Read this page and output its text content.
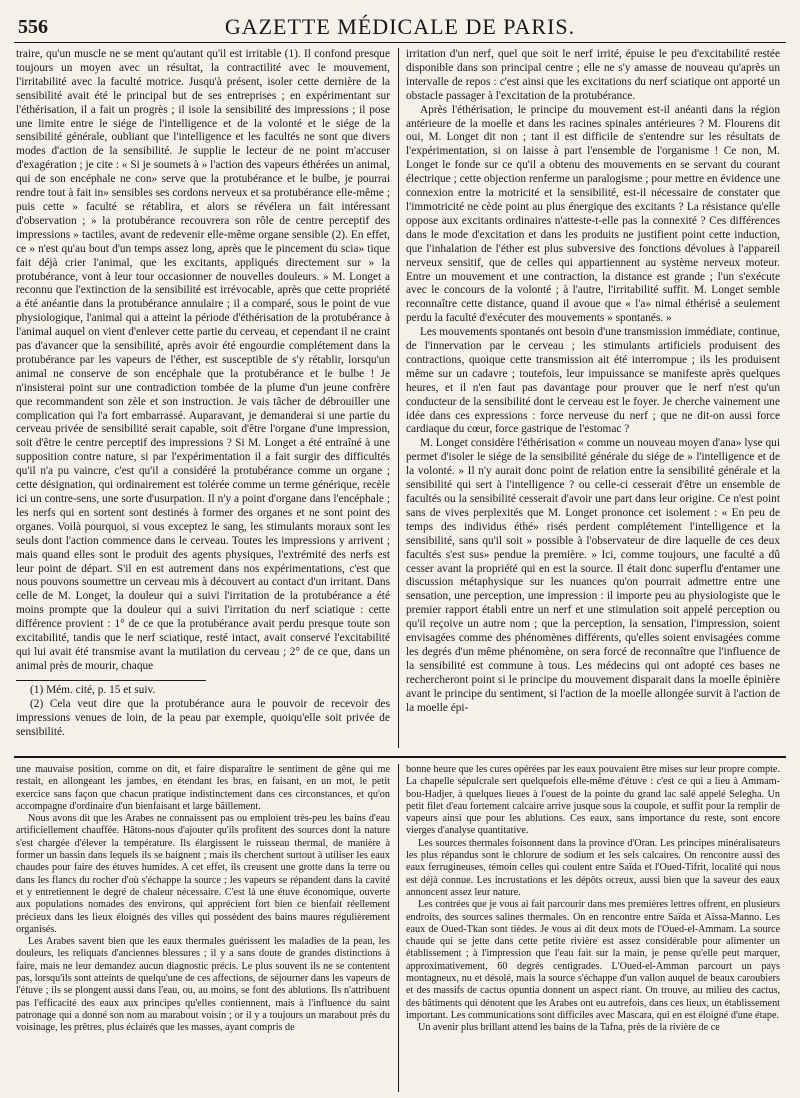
556	GAZETTE MÉDICALE DE PARIS.

traire, qu'un muscle ne se ment qu'autant qu'il est irritable (1). Il confond presque toujours un moyen avec un résultat, la contractilité avec le mouvement, l'irritabilité avec la faculté motrice. Jusqu'à présent, isoler cette dernière de la sensibilité avait été le principal but de ses entreprises ; en expérimentant sur l'éthérisation, il a fait un progrès ; il isole la sensibilité des impressions ; il pose une limite entre le siége de l'intelligence et de la volonté et le siége de la sensibilité générale, oubliant que l'intelligence et les facultés ne sont que divers modes d'action de la sensibilité. Je supplie le lecteur de ne point m'accuser d'exagération ; je cite : « Si je soumets à » l'action des vapeurs éthérées un animal, qui de son encéphale ne con» serve que la protubérance et le bulbe, je pourrai rendre tout à fait in» sensibles ses cordons nerveux et sa protubérance elle-même ; puis cette » faculté se rétablira, et alors se révélera un fait intéressant d'observation ; » la protubérance recouvrera son rôle de centre perceptif des impressions » tactiles, avant de redevenir elle-même organe sensible (2). En effet, ce » n'est qu'au bout d'un temps assez long, après que le pincement du scia» tique fait déjà crier l'animal, que les excitants, appliqués directement sur » la protubérance, vont à leur tour occasionner de nouvelles douleurs. » M. Longet a reconnu que l'extinction de la sensibilité est irrévocable, après que cette propriété a été anéantie dans la protubérance annulaire ; il a comparé, sous le point de vue physiologique, l'animal qui a atteint la période d'éthérisation de la protubérance à l'animal auquel on vient d'enlever cette partie du cerveau, et cependant il ne craint pas d'avancer que la sensibilité, après avoir été engourdie complétement dans la protubérance par les vapeurs de l'éther, est susceptible de s'y rétablir, lorsqu'un animal ne conserve de son encéphale que la protubérance et le bulbe ! Je n'insisterai point sur une contradiction tombée de la plume d'un jeune confrère que recommandent son zèle et son instruction. Je vais tâcher de débrouiller une complication qui l'a fort embarrassé. Auparavant, je demanderai si une partie du cerveau privée de sensibilité serait capable, soit d'être l'organe d'une impression, soit d'être le centre perceptif des impressions ? Si M. Longet a été entraîné à une supposition contre nature, si par l'expérimentation il a fait surgir des difficultés qu'il n'a pu vaincre, c'est qu'il a considéré la protubérance comme un organe ; cette désignation, qui ordinairement est tolérée comme un terme générique, recèle ici un contre-sens, une sorte d'usurpation. Il n'y a point d'organe dans l'encéphale ; les nerfs qui en sortent sont destinés à former des organes et ne sont point des organes. Voilà pourquoi, si vous exceptez le sang, les stimulants moraux sont les seuls dont l'action commence dans le cerveau. Toutes les impressions y arrivent ; mais quand elles sont le produit des agents physiques, l'extrémité des nerfs est leur point de départ. S'il en est autrement dans nos expérimentations, c'est que nous pouvons soumettre un cerveau mis à découvert au contact d'un irritant. Dans celle de M. Longet, la douleur qui a suivi l'irritation de la protubérance a été moins prompte que la douleur qui a suivi l'irritation du nerf sciatique : cette différence provient : 1° de ce que la protubérance avait perdu presque toute son excitabilité, tandis que le nerf sciatique, resté intact, avait conservé l'excitabilité qui lui avait été transmise avant la mutilation du cerveau ; 2° de ce que, dans un animal près de mourir, chaque

(1) Mém. cité, p. 15 et suiv.

(2) Cela veut dire que la protubérance aura le pouvoir de recevoir des impressions venues de loin, de la peau par exemple, quoiqu'elle soit privée de sensibilité.

irritation d'un nerf, quel que soit le nerf irrité, épuise le peu d'excitabilité restée disponible dans son principal centre ; elle ne s'y amasse de nouveau qu'après un intervalle de repos : c'est ainsi que les excitations du nerf sciatique ont apporté un obstacle passager à l'excitation de la protubérance.

Après l'éthérisation, le principe du mouvement est-il anéanti dans la région antérieure de la moelle et dans les racines spinales antérieures ? M. Flourens dit oui, M. Longet dit non ; tant il est difficile de s'entendre sur les résultats de l'expérimentation, si on laisse à part l'ensemble de l'organisme ! Ce non, M. Longet le fonde sur ce qu'il a obtenu des mouvements en se servant du courant électrique ; cette objection renferme un paralogisme ; pour mettre en évidence une connexion entre la motricité et la sensibilité, est-il nécessaire de constater que l'immotricité ne cède point au plus énergique des excitants ? La résistance qu'elle oppose aux excitants ordinaires n'atteste-t-elle pas la connexité ? Ces différences dans le mode d'excitation et dans les produits ne justifient point cette induction, que l'inhalation de l'éther est plus subversive des fonctions dévolues à l'appareil nerveux sensitif, que de celles qui appartiennent au système nerveux moteur. Entre un mouvement et une contraction, la distance est grande ; l'un s'exécute avec le concours de la volonté ; à l'autre, l'irritabilité suffit. M. Longet semble reconnaître cette distance, quand il avoue que « l'a» nimal éthérisé a seulement perdu la faculté d'exécuter des mouvements » spontanés. »

Les mouvements spontanés ont besoin d'une transmission immédiate, continue, de l'innervation par le cerveau ; les stimulants artificiels produisent des contractions, quoique cette transmission ait été interrompue ; ils les produisent même sur un cadavre ; toutefois, leur impuissance se manifeste après quelques heures, et il n'en faut pas davantage pour prouver que le nerf n'est qu'un conducteur de la sensibilité dont le cerveau est le foyer. Je cherche vainement une idée dans ces expressions : force nerveuse du nerf ; que ne dit-on aussi force cardiaque du cœur, force gastrique de l'estomac ?

M. Longet considère l'éthérisation « comme un nouveau moyen d'ana» lyse qui permet d'isoler le siége de la sensibilité générale du siége de » l'intelligence et de la volonté. » Il n'y aurait donc point de relation entre la sensibilité générale et la sensibilité qui sert à l'intelligence ? ou celle-ci cesserait d'être un ensemble de facultés ou la sensibilité cesserait d'avoir une part dans leur origine. Ce n'est point sans de vives perplexités que M. Longet prononce cet isolement : « En peu de temps des individus éthé» risés perdent complétement l'intelligence et la sensibilité, sans qu'il soit » possible à l'observateur de dire laquelle de ces deux facultés s'est sus» pendue la première. » Ici, comme toujours, une faculté a dû cesser avant la propriété qui en est la source. Il était donc superflu d'entamer une discussion métaphysique sur les nuances qu'on pourrait admettre entre une sensation, une perception, une impression : il importe peu au physiologiste que le premier rapport établi entre un nerf et une stimulation soit appelé perception ou qu'il reçoive un autre nom ; que la perception, la sensation, l'impression, soient envisagées comme des phénomènes différents, qu'elles soient envisagées comme les degrés d'un même phénomène, on sera forcé de reconnaître que l'influence de la sensibilité est commune à tous. Les médecins qui ont adopté ces bases ne rechercheront point si le principe du mouvement disparait dans la moelle épinière avant le principe du sentiment, si l'action de la moelle allongée survit à l'action de la moelle épi-

une mauvaise position, comme on dit, et faire disparaître le sentiment de gêne qui me restait, en allongeant les jambes, en étendant les bras, en faisant, en un mot, le petit exercice sans façon que chacun pratique indistinctement dans ces circonstances, et qu'on accompagne d'ordinaire d'un bienfaisant et large bâillement.

Nous avons dit que les Arabes ne connaissent pas ou emploient très-peu les bains d'eau artificiellement chauffée. Hâtons-nous d'ajouter qu'ils profitent des sources dont la nature s'est chargée d'élever la température. Ils élargissent le ruisseau thermal, de manière à former un bassin dans lequels ils se baignent ; mais ils cherchent surtout à utiliser les eaux chaudes pour faire des étuves humides. A cet effet, ils creusent une grotte dans la terre ou dans les flancs du rocher d'où s'échappe la source ; les vapeurs se répandent dans la cavité et y entretiennent le degré de chaleur nécessaire. C'est là une étuve économique, ouverte aux populations nomades des environs, qui apprécient fort bien ce bienfait réellement précieux dans les lieux éloignés des villes qui possèdent des bains maures régulièrement organisés.

Les Arabes savent bien que les eaux thermales guérissent les maladies de la peau, les douleurs, les reliquats d'anciennes blessures ; il y a sans doute de grandes distinctions à faire, mais ne leur demandez aucun diagnostic précis. Le plus souvent ils ne se contentent pas, lorsqu'ils sont atteints de quelqu'une de ces affections, de séjourner dans les vapeurs de l'étuve ; ils se plongent aussi dans l'eau, ou, au moins, se font des ablutions. Ils n'attribuent pas l'efficacité des eaux aux principes qu'elles contiennent, mais à l'influence du saint patronage qui a donné son nom au marabout voisin ; or il y a toujours un marabout près du voisinage, les prêtres, plus éclairés que les masses, ayant compris de

bonne heure que les cures opérées par les eaux pouvaient être mises sur leur propre compte. La chapelle sépulcrale sert quelquefois elle-même d'étuve : c'est ce qui a lieu à Ammam-bou-Hadjer, à quelques lieues à l'ouest de la pointe du grand lac salé appelé Selegha. Un petit filet d'eau fortement calcaire arrive jusque sous la coupole, et suffit pour la remplir de vapeurs ainsi que pour les ablutions. Ces eaux, sans importance du reste, sont encore vierges d'analyse quantitative.

Les sources thermales foisonnent dans la province d'Oran. Les principes minéralisateurs les plus répandus sont le chlorure de sodium et les sels calcaires. On rencontre aussi des eaux ferrugineuses, témoin celles qui coulent entre Saïda et l'Oued-Tifrit, localité qui nous est déjà connue. Les incrustations et les dépôts ocreux, aussi bien que la saveur des eaux annoncent assez leur nature.

Les contrées que je vous ai fait parcourir dans mes premières lettres offrent, en plusieurs endroits, des sources salines thermales. On en rencontre entre Saïda et Aïssa-Manno. Les eaux de Oued-Tkan sont tièdes. Je vous ai dit deux mots de l'Oued-el-Ammam. La source chaude qui se jette dans cette petite rivière est assez considérable pour alimenter un établissement ; à l'impression que l'eau fait sur la main, je pense qu'elle peut marquer, approximativement, 60 degrés centigrades. L'Oued-el-Amman parcourt un pays montagneux, nu et désolé, mais la source s'échappe d'un vallon auquel de beaux caroubiers et des massifs de cactus opuntia donnent un aspect riant. On trouve, au milieu des cactus, des bâtiments qui dénotent que les Arabes ont eu autrefois, dans ces lieux, un établissement important. Les communications sont difficiles avec Mascara, qui en est éloigné d'une étape.

Un avenir plus brillant attend les bains de la Tafna, près de la rivière de ce
